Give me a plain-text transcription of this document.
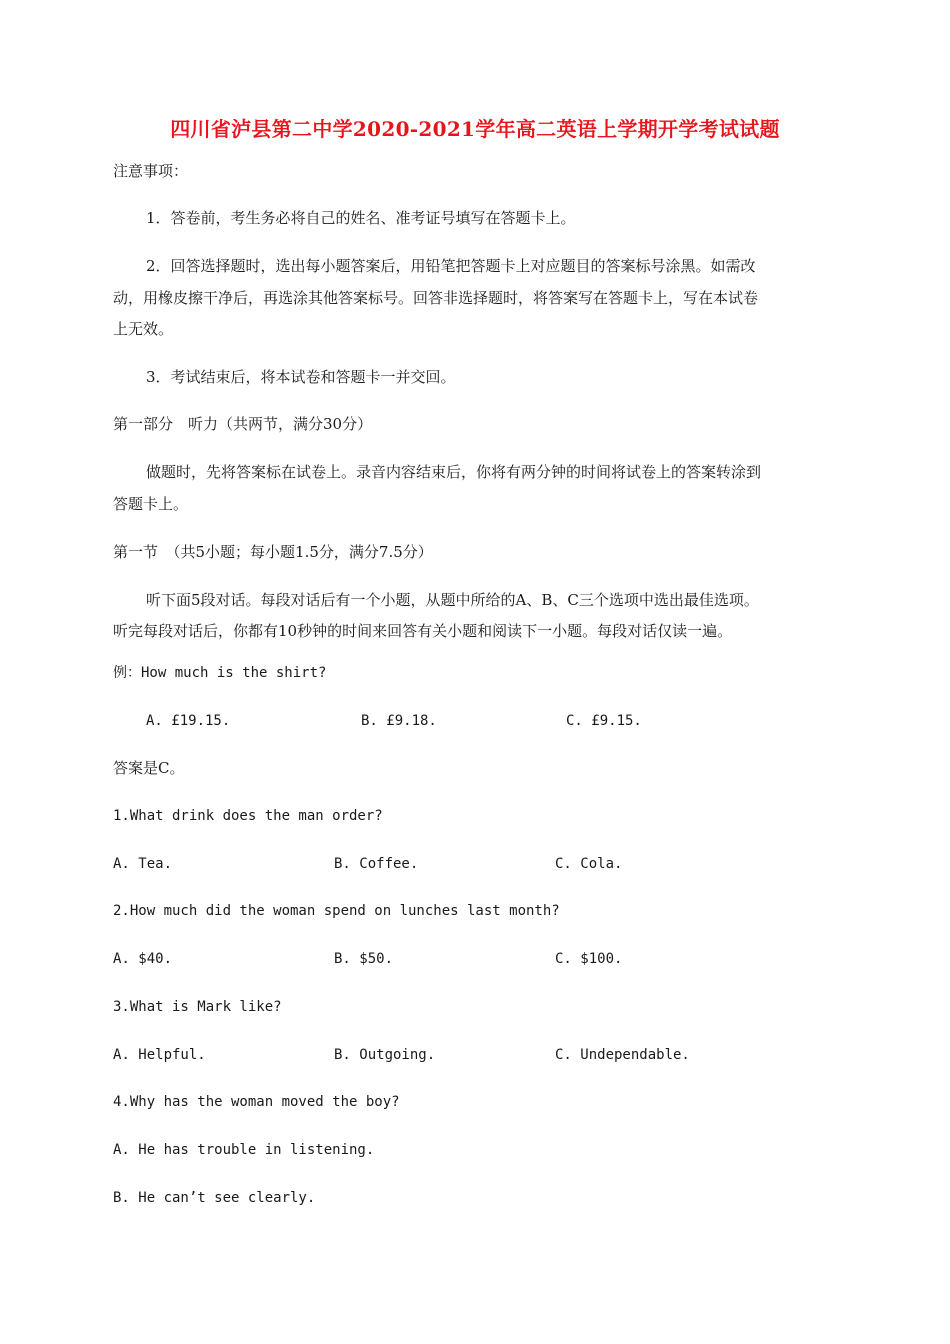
四川省泸县第二中学2020-2021学年高二英语上学期开学考试试题
注意事项：
1．答卷前，考生务必将自己的姓名、准考证号填写在答题卡上。
2．回答选择题时，选出每小题答案后，用铅笔把答题卡上对应题目的答案标号涂黑。如需改
动，用橡皮擦干净后，再选涂其他答案标号。回答非选择题时，将答案写在答题卡上，写在本试卷
上无效。
3．考试结束后，将本试卷和答题卡一并交回。
第一部分　听力（共两节，满分30分）
做题时，先将答案标在试卷上。录音内容结束后，你将有两分钟的时间将试卷上的答案转涂到
答题卡上。
第一节　（共5小题；每小题1.5分，满分7.5分）
听下面5段对话。每段对话后有一个小题，从题中所给的A、B、C三个选项中选出最佳选项。
听完每段对话后，你都有10秒钟的时间来回答有关小题和阅读下一小题。每段对话仅读一遍。
例：How much is the shirt?
A. £19.15.	B. £9.18.	C. £9.15.
答案是C。
1.What drink does the man order?
A. Tea.	B. Coffee.	C. Cola.
2.How much did the woman spend on lunches last month?
A. $40.	B. $50.	C. $100.
3.What is Mark like?
A. Helpful.	B. Outgoing.	C. Undependable.
4.Why has the woman moved the boy?
A. He has trouble in listening.
B. He can’t see clearly.
